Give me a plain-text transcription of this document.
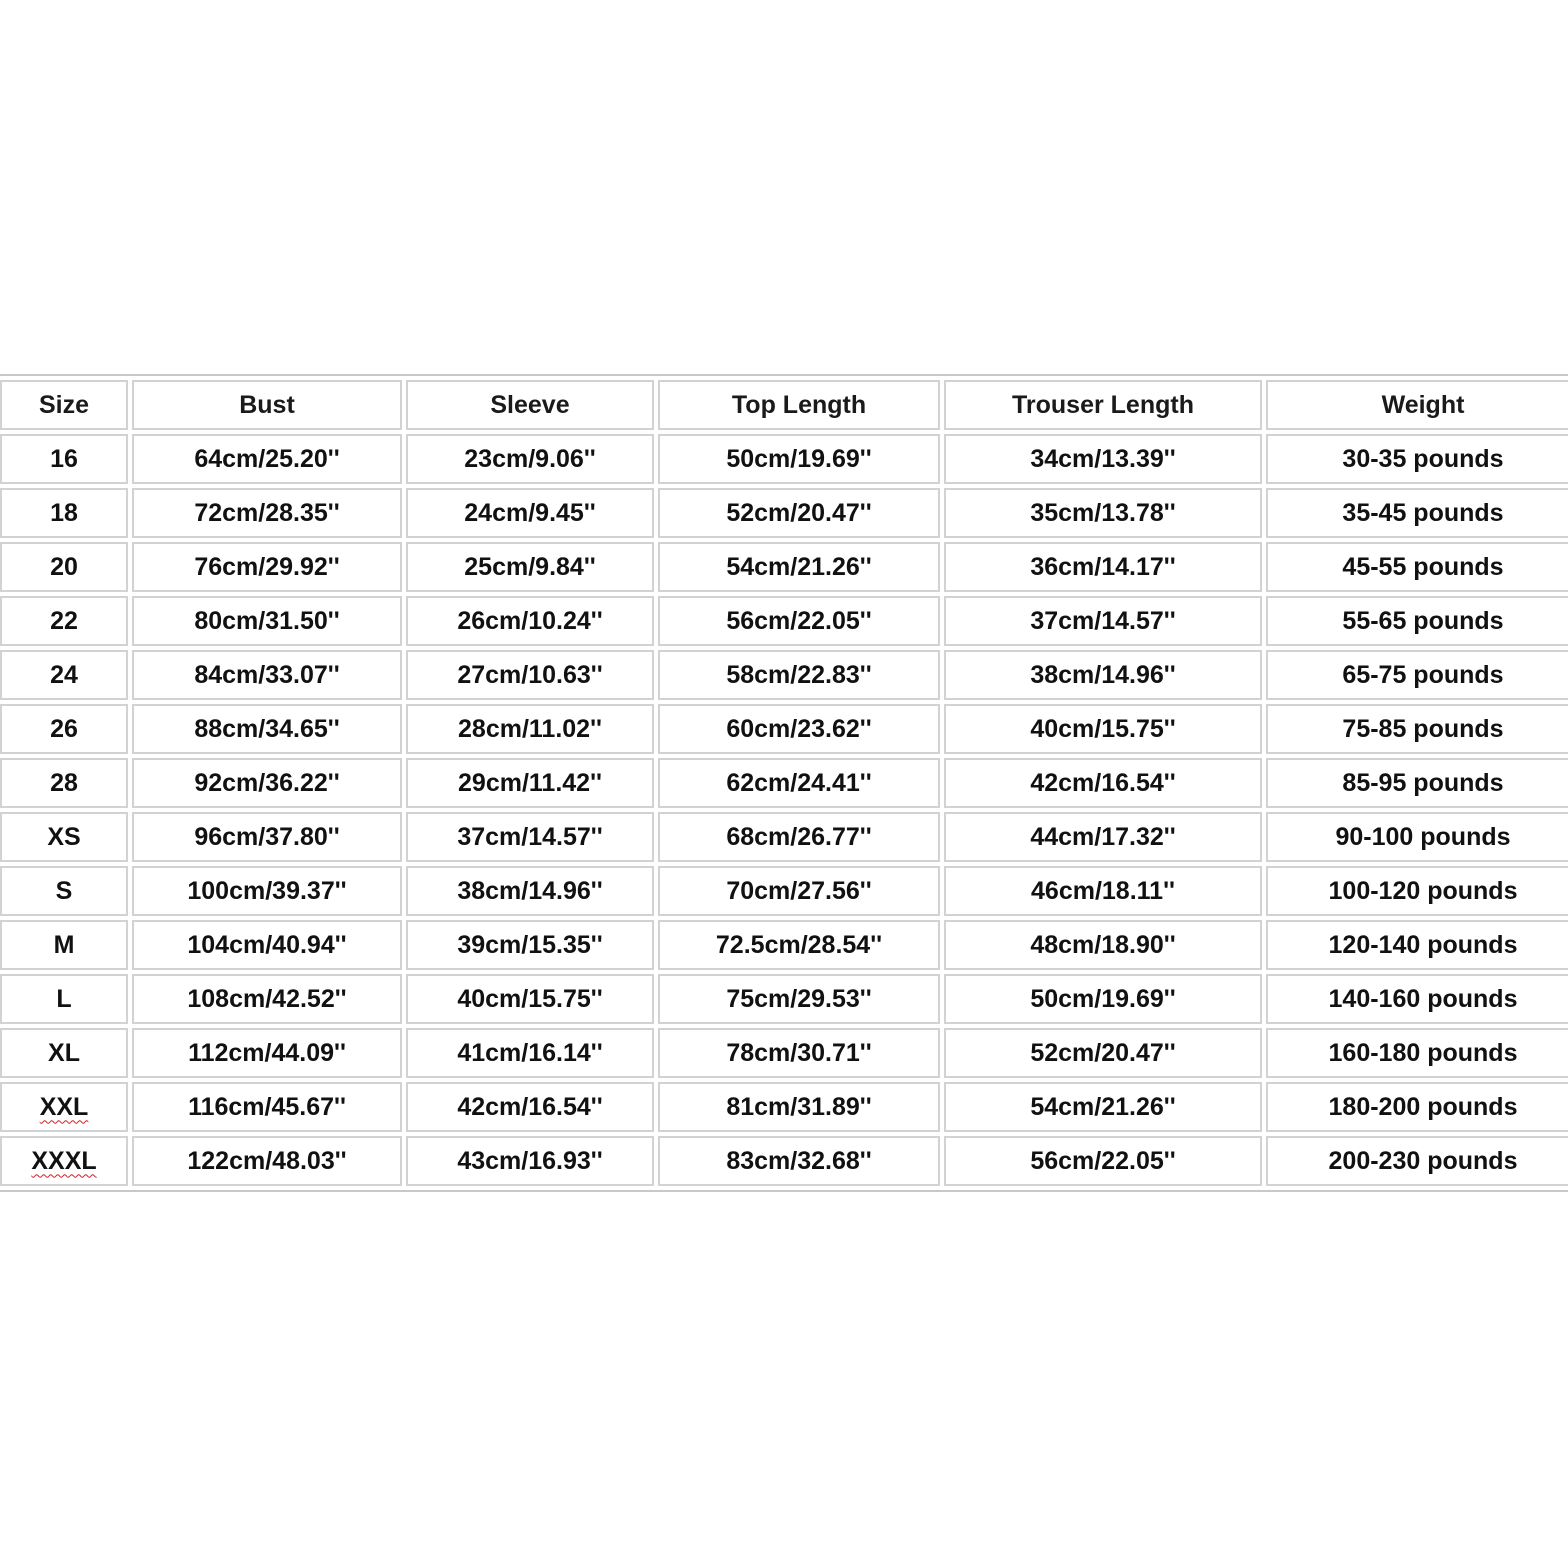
Size	Bust	Sleeve	Top Length	Trouser Length	Weight
16	64cm/25.20''	23cm/9.06''	50cm/19.69''	34cm/13.39''	30-35 pounds
18	72cm/28.35''	24cm/9.45''	52cm/20.47''	35cm/13.78''	35-45 pounds
20	76cm/29.92''	25cm/9.84''	54cm/21.26''	36cm/14.17''	45-55 pounds
22	80cm/31.50''	26cm/10.24''	56cm/22.05''	37cm/14.57''	55-65 pounds
24	84cm/33.07''	27cm/10.63''	58cm/22.83''	38cm/14.96''	65-75 pounds
26	88cm/34.65''	28cm/11.02''	60cm/23.62''	40cm/15.75''	75-85 pounds
28	92cm/36.22''	29cm/11.42''	62cm/24.41''	42cm/16.54''	85-95 pounds
XS	96cm/37.80''	37cm/14.57''	68cm/26.77''	44cm/17.32''	90-100 pounds
S	100cm/39.37''	38cm/14.96''	70cm/27.56''	46cm/18.11''	100-120 pounds
M	104cm/40.94''	39cm/15.35''	72.5cm/28.54''	48cm/18.90''	120-140 pounds
L	108cm/42.52''	40cm/15.75''	75cm/29.53''	50cm/19.69''	140-160 pounds
XL	112cm/44.09''	41cm/16.14''	78cm/30.71''	52cm/20.47''	160-180 pounds
XXL	116cm/45.67''	42cm/16.54''	81cm/31.89''	54cm/21.26''	180-200 pounds
XXXL	122cm/48.03''	43cm/16.93''	83cm/32.68''	56cm/22.05''	200-230 pounds
